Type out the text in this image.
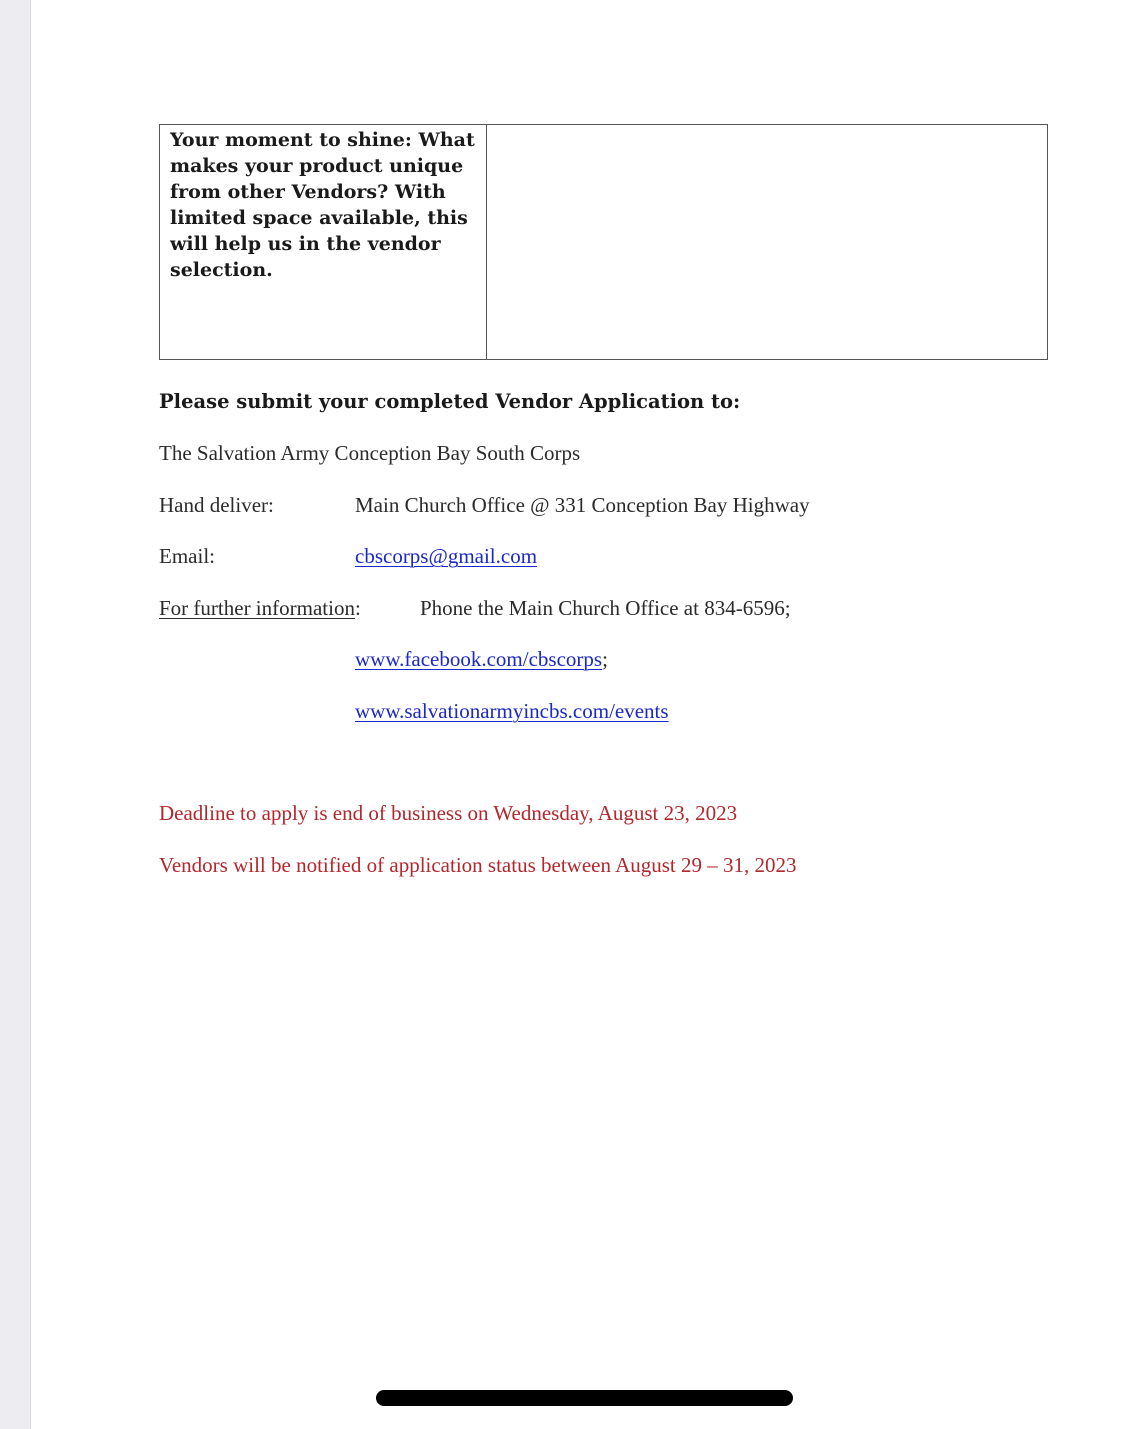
Your moment to shine: What makes your product unique from other Vendors? With limited space available, this will help us in the vendor selection.

Please submit your completed Vendor Application to:

The Salvation Army Conception Bay South Corps

Hand deliver:	Main Church Office @ 331 Conception Bay Highway

Email:	cbscorps@gmail.com

For further information:	Phone the Main Church Office at 834-6596;

www.facebook.com/cbscorps;

www.salvationarmyincbs.com/events

Deadline to apply is end of business on Wednesday, August 23, 2023

Vendors will be notified of application status between August 29 – 31, 2023
